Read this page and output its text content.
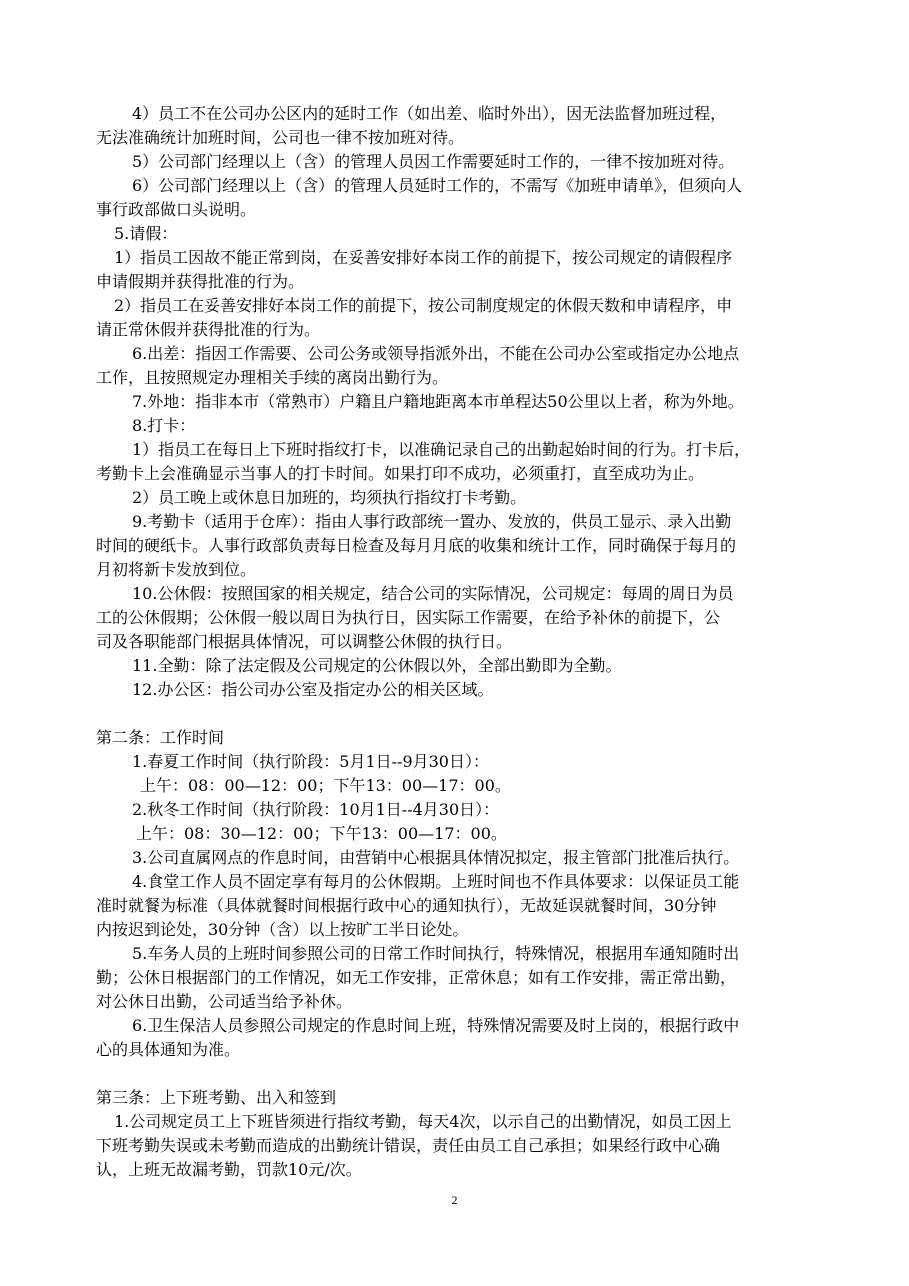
4）员工不在公司办公区内的延时工作（如出差、临时外出），因无法监督加班过程，
无法准确统计加班时间，公司也一律不按加班对待。
5）公司部门经理以上（含）的管理人员因工作需要延时工作的，一律不按加班对待。
6）公司部门经理以上（含）的管理人员延时工作的，不需写《加班申请单》，但须向人
事行政部做口头说明。
5.请假：
1）指员工因故不能正常到岗，在妥善安排好本岗工作的前提下，按公司规定的请假程序
申请假期并获得批准的行为。
2）指员工在妥善安排好本岗工作的前提下，按公司制度规定的休假天数和申请程序，申
请正常休假并获得批准的行为。
6.出差：指因工作需要、公司公务或领导指派外出，不能在公司办公室或指定办公地点
工作，且按照规定办理相关手续的离岗出勤行为。
7.外地：指非本市（常熟市）户籍且户籍地距离本市单程达50公里以上者，称为外地。
8.打卡：
1）指员工在每日上下班时指纹打卡，以准确记录自己的出勤起始时间的行为。打卡后，
考勤卡上会准确显示当事人的打卡时间。如果打印不成功，必须重打，直至成功为止。
2）员工晚上或休息日加班的，均须执行指纹打卡考勤。
9.考勤卡（适用于仓库）：指由人事行政部统一置办、发放的，供员工显示、录入出勤
时间的硬纸卡。人事行政部负责每日检查及每月月底的收集和统计工作，同时确保于每月的
月初将新卡发放到位。
10.公休假：按照国家的相关规定，结合公司的实际情况，公司规定：每周的周日为员
工的公休假期；公休假一般以周日为执行日，因实际工作需要，在给予补休的前提下，公
司及各职能部门根据具体情况，可以调整公休假的执行日。
11.全勤：除了法定假及公司规定的公休假以外，全部出勤即为全勤。
12.办公区：指公司办公室及指定办公的相关区域。
第二条：工作时间
1.春夏工作时间（执行阶段：5月1日--9月30日）：
上午：08：00—12：00；下午13：00—17：00。
2.秋冬工作时间（执行阶段：10月1日--4月30日）：
上午：08：30—12：00；下午13：00—17：00。
3.公司直属网点的作息时间，由营销中心根据具体情况拟定，报主管部门批准后执行。
4.食堂工作人员不固定享有每月的公休假期。上班时间也不作具体要求：以保证员工能
准时就餐为标准（具体就餐时间根据行政中心的通知执行），无故延误就餐时间，30分钟
内按迟到论处，30分钟（含）以上按旷工半日论处。
5.车务人员的上班时间参照公司的日常工作时间执行，特殊情况，根据用车通知随时出
勤；公休日根据部门的工作情况，如无工作安排，正常休息；如有工作安排，需正常出勤，
对公休日出勤，公司适当给予补休。
6.卫生保洁人员参照公司规定的作息时间上班，特殊情况需要及时上岗的，根据行政中
心的具体通知为准。
第三条：上下班考勤、出入和签到
1.公司规定员工上下班皆须进行指纹考勤，每天4次，以示自己的出勤情况，如员工因上
下班考勤失误或未考勤而造成的出勤统计错误，责任由员工自己承担；如果经行政中心确
认，上班无故漏考勤，罚款10元/次。
2
